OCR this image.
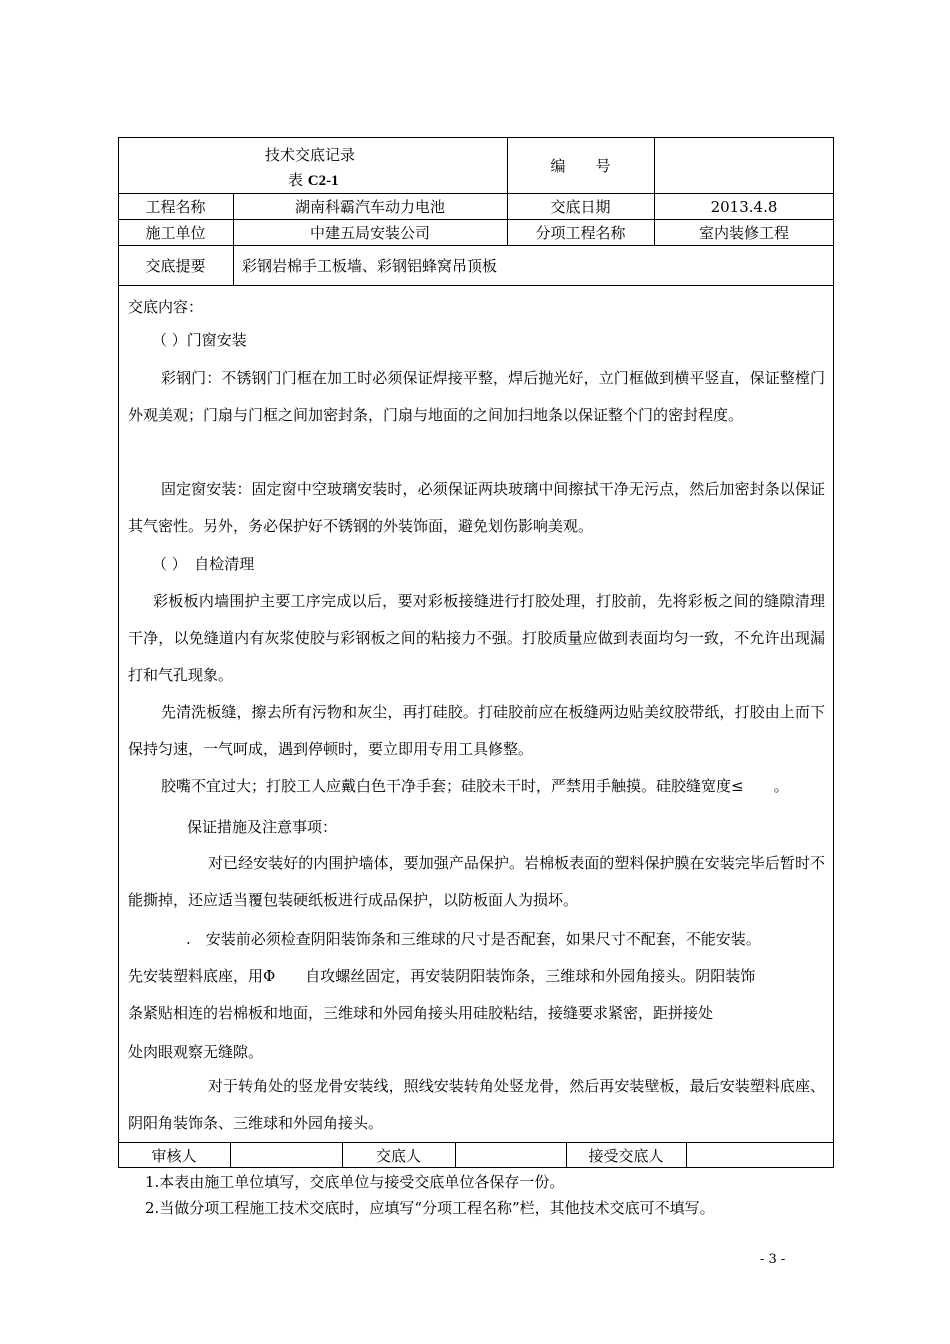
技术交底记录
表 C2-1
编　　号
工程名称	湖南科霸汽车动力电池	交底日期	2013.4.8
施工单位	中建五局安装公司	分项工程名称	室内装修工程
交底提要	彩钢岩棉手工板墙、彩钢铝蜂窝吊顶板
交底内容：
（ ）门窗安装
彩钢门：不锈钢门门框在加工时必须保证焊接平整，焊后抛光好，立门框做到横平竖直，保证整樘门外观美观；门扇与门框之间加密封条，门扇与地面的之间加扫地条以保证整个门的密封程度。
固定窗安装：固定窗中空玻璃安装时，必须保证两块玻璃中间擦拭干净无污点，然后加密封条以保证其气密性。另外，务必保护好不锈钢的外装饰面，避免划伤影响美观。
（ ）　自检清理
彩板板内墙围护主要工序完成以后，要对彩板接缝进行打胶处理，打胶前，先将彩板之间的缝隙清理干净，以免缝道内有灰浆使胶与彩钢板之间的粘接力不强。打胶质量应做到表面均匀一致，不允许出现漏打和气孔现象。
先清洗板缝，擦去所有污物和灰尘，再打硅胶。打硅胶前应在板缝两边贴美纹胶带纸，打胶由上而下保持匀速，一气呵成，遇到停顿时，要立即用专用工具修整。
胶嘴不宜过大；打胶工人应戴白色干净手套；硅胶未干时，严禁用手触摸。硅胶缝宽度≤　　。
保证措施及注意事项：
对已经安装好的内围护墙体，要加强产品保护。岩棉板表面的塑料保护膜在安装完毕后暂时不能撕掉，还应适当覆包装硬纸板进行成品保护，以防板面人为损坏。
.　安装前必须检查阴阳装饰条和三维球的尺寸是否配套，如果尺寸不配套，不能安装。
先安装塑料底座，用Φ　　自攻螺丝固定，再安装阴阳装饰条，三维球和外园角接头。阴阳装饰
条紧贴相连的岩棉板和地面，三维球和外园角接头用硅胶粘结，接缝要求紧密，距拼接处
处肉眼观察无缝隙。
对于转角处的竖龙骨安装线，照线安装转角处竖龙骨，然后再安装壁板，最后安装塑料底座、阴阳角装饰条、三维球和外园角接头。
审核人	交底人	接受交底人
1.本表由施工单位填写，交底单位与接受交底单位各保存一份。
2.当做分项工程施工技术交底时，应填写“分项工程名称”栏，其他技术交底可不填写。
- 3 -
